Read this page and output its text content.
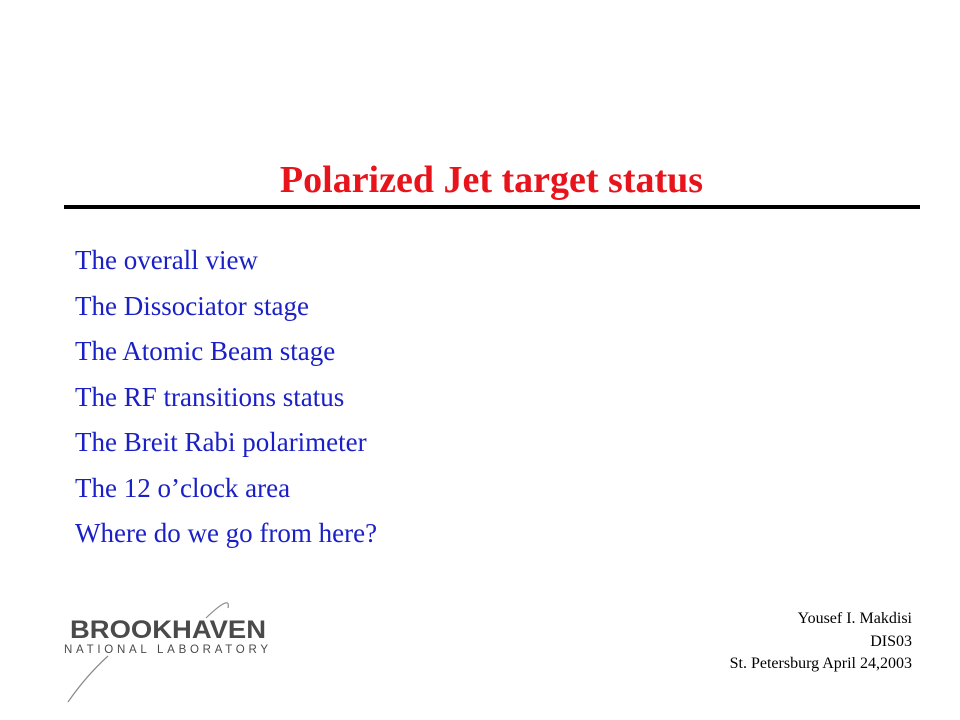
Polarized Jet target status
The overall view
The Dissociator stage
The Atomic Beam stage
The RF transitions status
The Breit Rabi polarimeter
The 12 o’clock area
Where do we go from here?
BROOKHAVEN
NATIONAL LABORATORY
Yousef I. Makdisi
DIS03
St. Petersburg April 24,2003
